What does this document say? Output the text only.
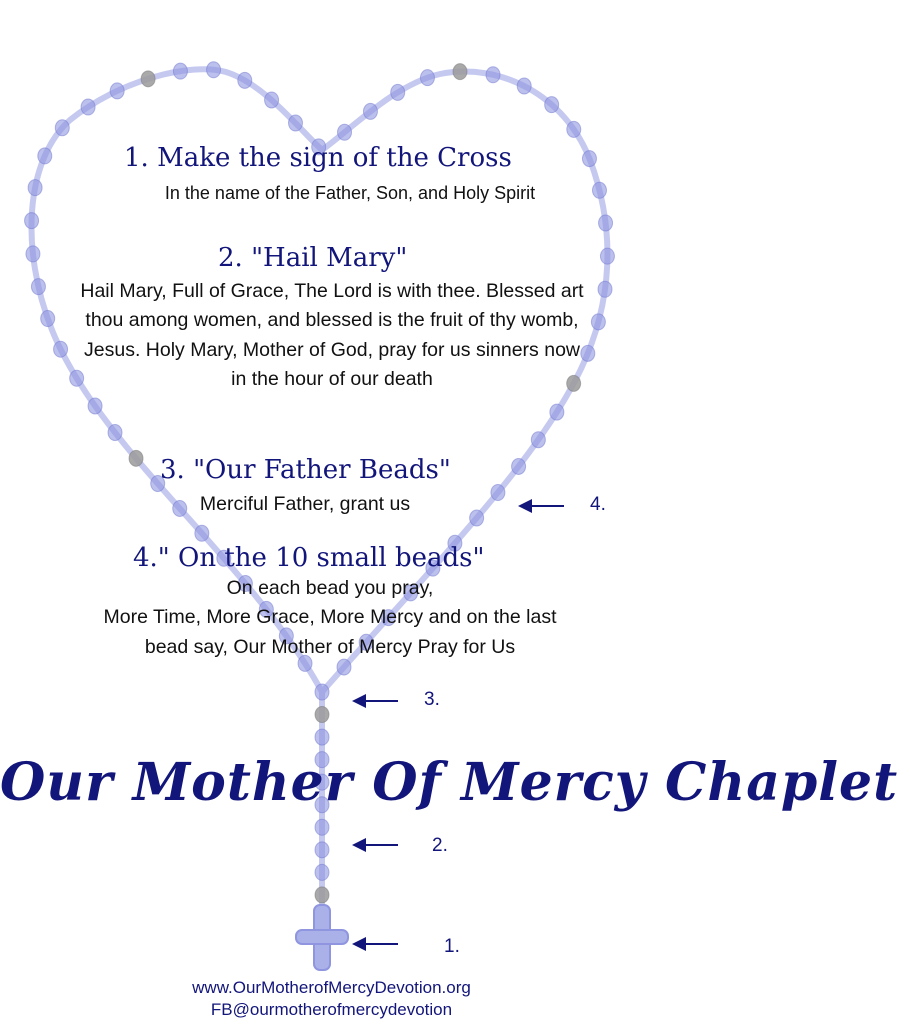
1. Make the sign of the Cross

In the name of the Father, Son, and Holy Spirit

2. "Hail Mary"
Hail Mary, Full of Grace, The Lord is with thee. Blessed art
thou among women, and blessed is the fruit of thy womb,
Jesus. Holy Mary, Mother of God, pray for us sinners now
in the hour of our death
3. "Our Father Beads"

Merciful Father, grant us

4." On the 10 small beads"
On each bead you pray,
More Time, More Grace, More Mercy and on the last
bead say, Our Mother of Mercy Pray for Us
4.
3.
Our Mother Of Mercy Chaplet
2.
1.
www.OurMotherofMercyDevotion.org
FB@ourmotherofmercydevotion
